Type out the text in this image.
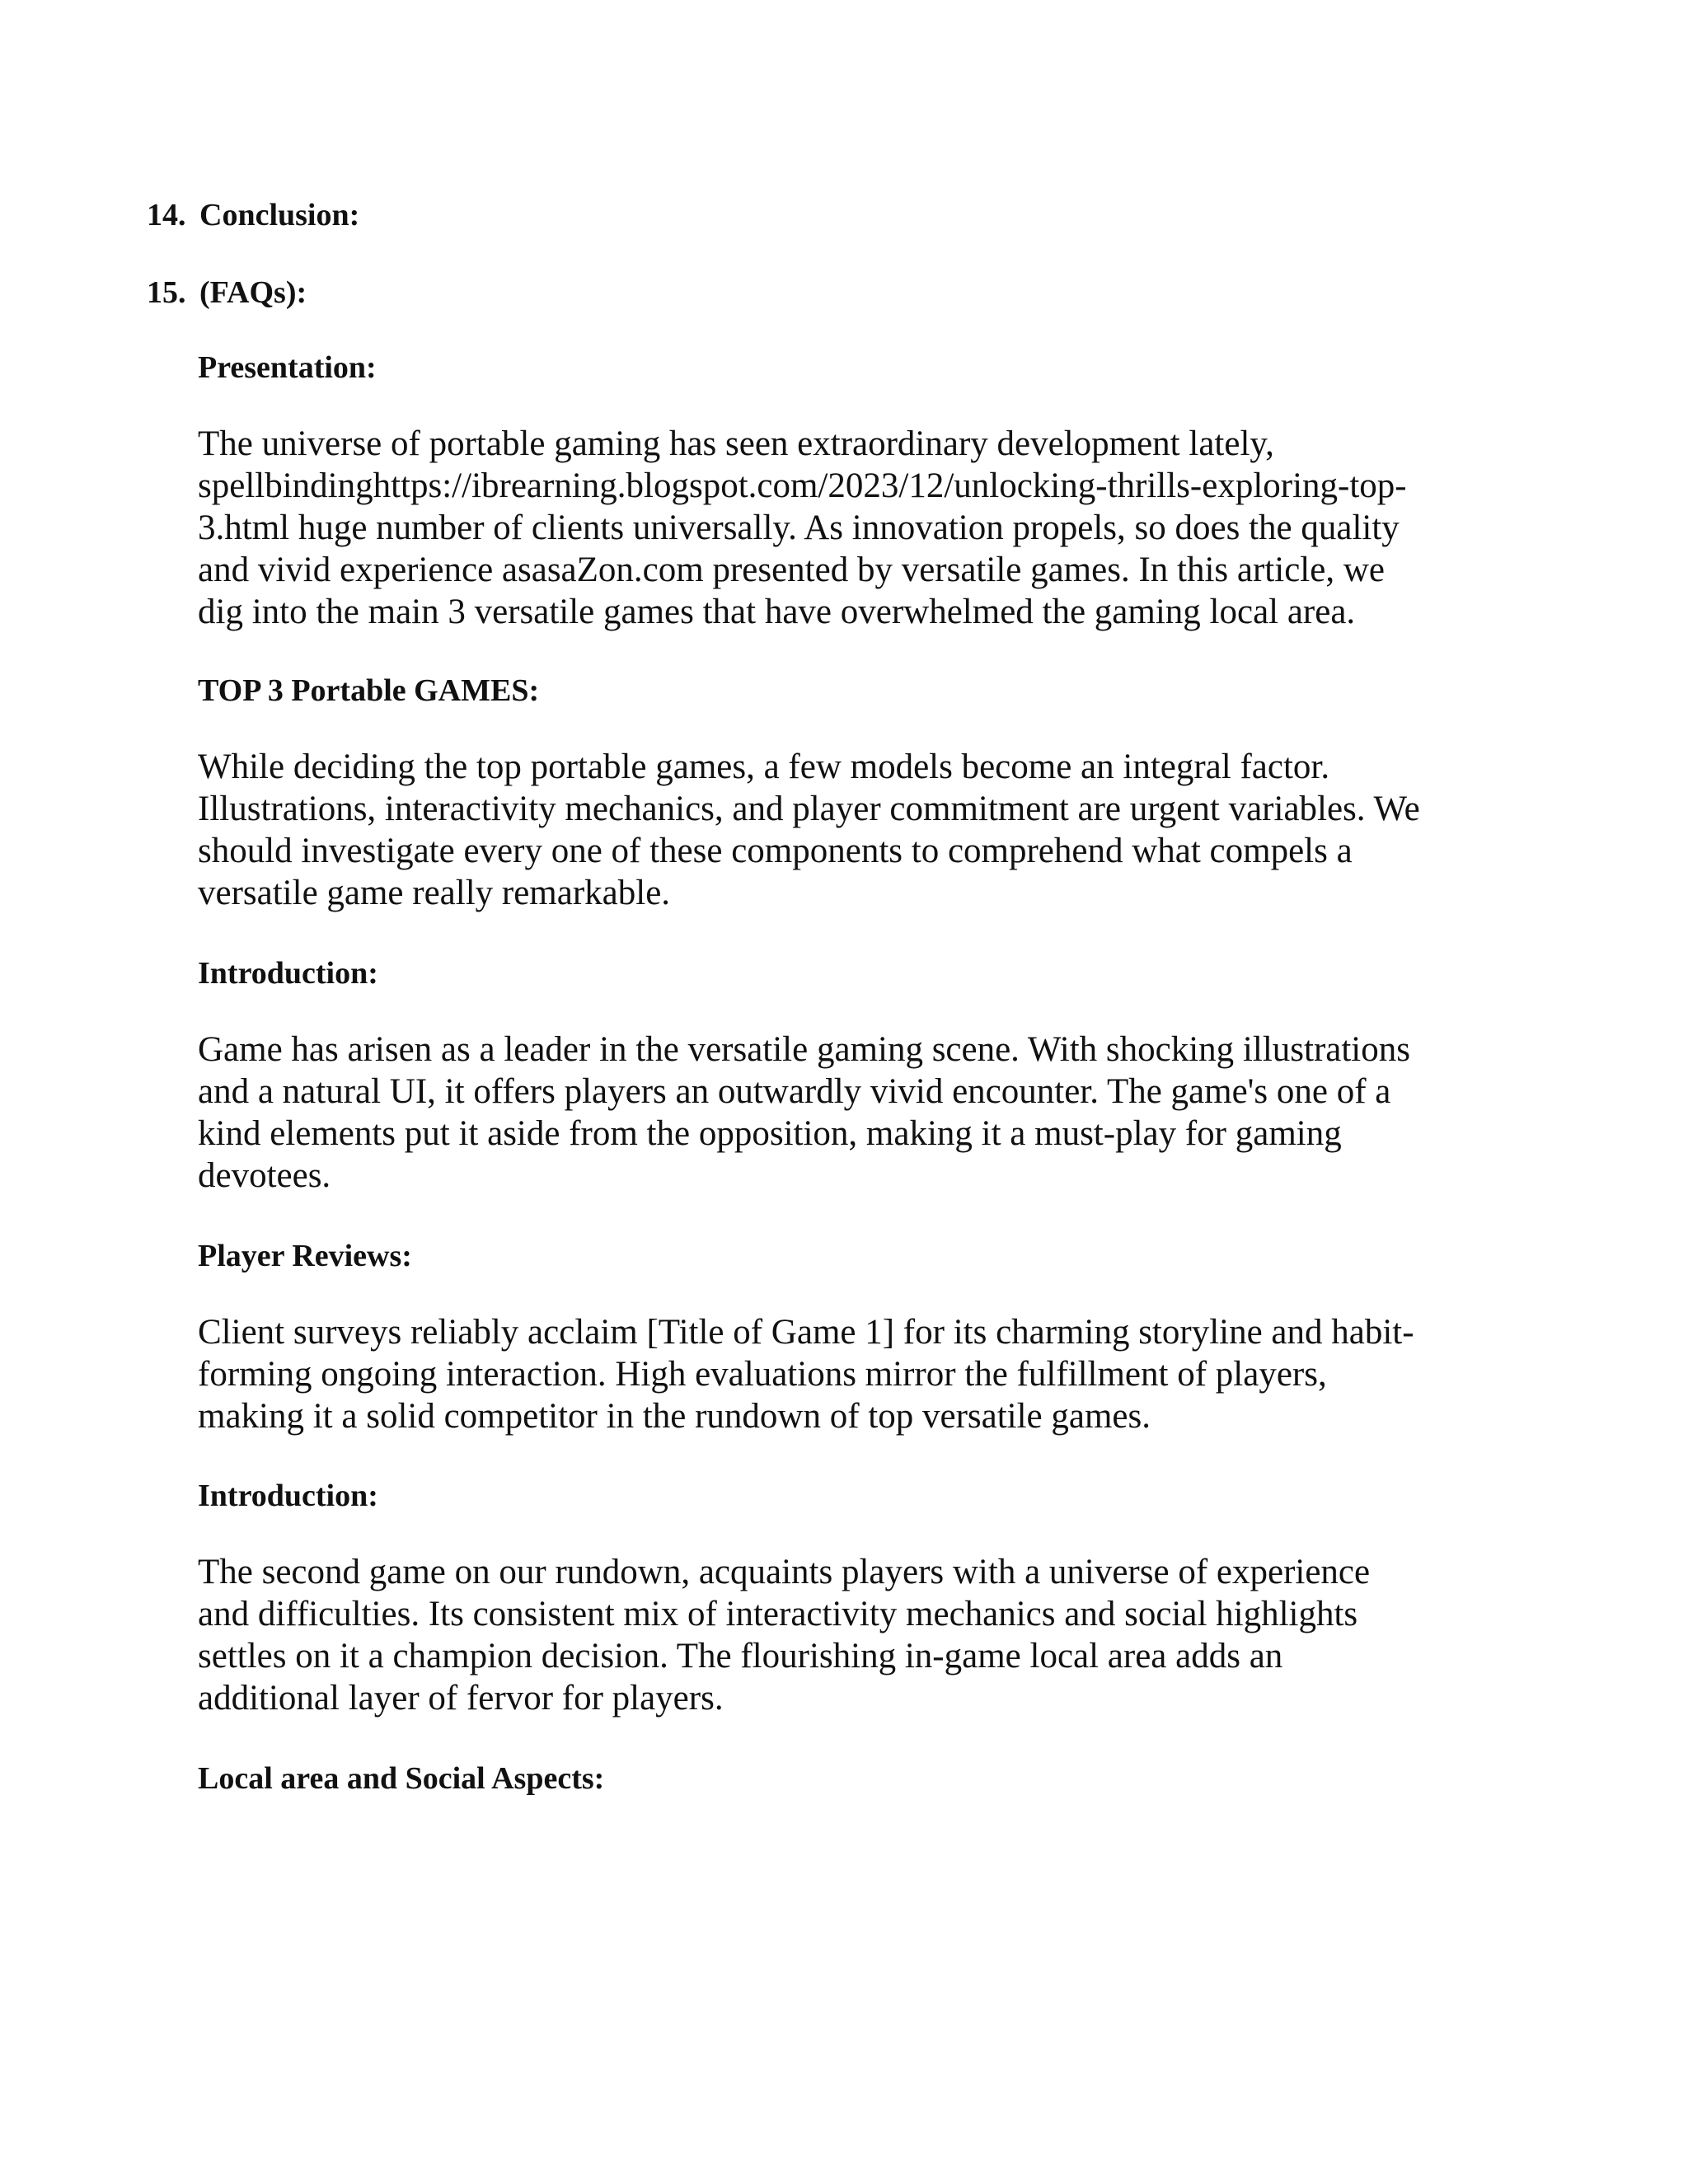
14. Conclusion:
15. (FAQs):
Presentation:
The universe of portable gaming has seen extraordinary development lately,
spellbindinghttps://ibrearning.blogspot.com/2023/12/unlocking-thrills-exploring-top-
3.html huge number of clients universally. As innovation propels, so does the quality
and vivid experience asasaZon.com presented by versatile games. In this article, we
dig into the main 3 versatile games that have overwhelmed the gaming local area.
TOP 3 Portable GAMES:
While deciding the top portable games, a few models become an integral factor.
Illustrations, interactivity mechanics, and player commitment are urgent variables. We
should investigate every one of these components to comprehend what compels a
versatile game really remarkable.
Introduction:
Game has arisen as a leader in the versatile gaming scene. With shocking illustrations
and a natural UI, it offers players an outwardly vivid encounter. The game's one of a
kind elements put it aside from the opposition, making it a must-play for gaming
devotees.
Player Reviews:
Client surveys reliably acclaim [Title of Game 1] for its charming storyline and habit-
forming ongoing interaction. High evaluations mirror the fulfillment of players,
making it a solid competitor in the rundown of top versatile games.
Introduction:
The second game on our rundown, acquaints players with a universe of experience
and difficulties. Its consistent mix of interactivity mechanics and social highlights
settles on it a champion decision. The flourishing in-game local area adds an
additional layer of fervor for players.
Local area and Social Aspects:
